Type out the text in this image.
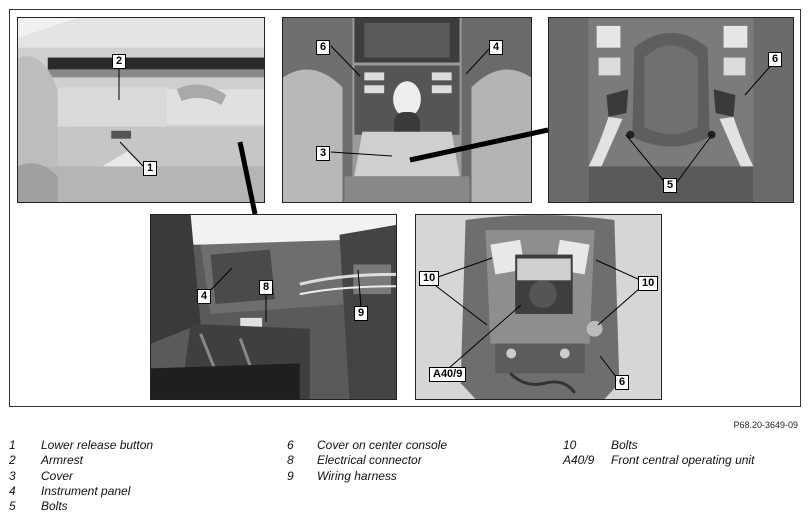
2
1
6	4
3
6
5
4
8
9
10	10
A40/9
6
P68.20-3649-09
1 Lower release button
2 Armrest
3 Cover
4 Instrument panel
5 Bolts
6 Cover on center console
8 Electrical connector
9 Wiring harness
10	Bolts
A40/9 Front central operating unit
